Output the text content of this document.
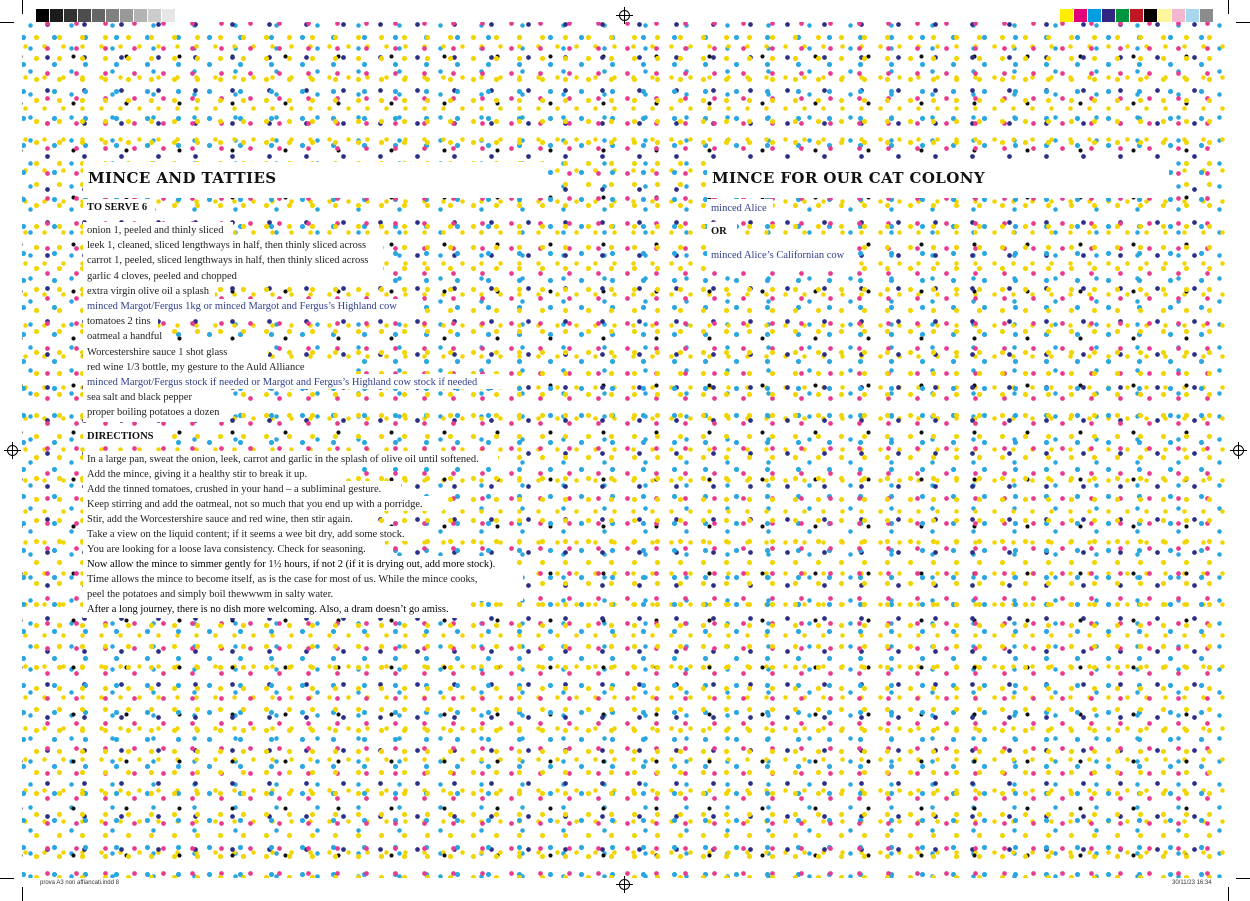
prova A3 non affiancati.indd 8	30/11/23 16:34
MINCE AND TATTIES
TO SERVE 6
onion 1, peeled and thinly sliced
leek 1, cleaned, sliced lengthways in half, then thinly sliced across
carrot 1, peeled, sliced lengthways in half, then thinly sliced across
garlic 4 cloves, peeled and chopped
extra virgin olive oil a splash
minced Margot/Fergus 1kg or minced Margot and Fergus’s Highland cow
tomatoes 2 tins
oatmeal a handful
Worcestershire sauce 1 shot glass
red wine 1/3 bottle, my gesture to the Auld Alliance
minced Margot/Fergus stock if needed or Margot and Fergus’s Highland cow stock if needed
sea salt and black pepper
proper boiling potatoes a dozen
DIRECTIONS
In a large pan, sweat the onion, leek, carrot and garlic in the splash of olive oil until softened.
Add the mince, giving it a healthy stir to break it up.
Add the tinned tomatoes, crushed in your hand – a subliminal gesture.
Keep stirring and add the oatmeal, not so much that you end up with a porridge.
Stir, add the Worcestershire sauce and red wine, then stir again.
Take a view on the liquid content; if it seems a wee bit dry, add some stock.
You are looking for a loose lava consistency. Check for seasoning.
Now allow the mince to simmer gently for 1½ hours, if not 2 (if it is drying out, add more stock).
Time allows the mince to become itself, as is the case for most of us. While the mince cooks,
peel the potatoes and simply boil thewwwm in salty water.
After a long journey, there is no dish more welcoming. Also, a dram doesn’t go amiss.
MINCE FOR OUR CAT COLONY
minced Alice
OR
minced Alice’s Californian cow
